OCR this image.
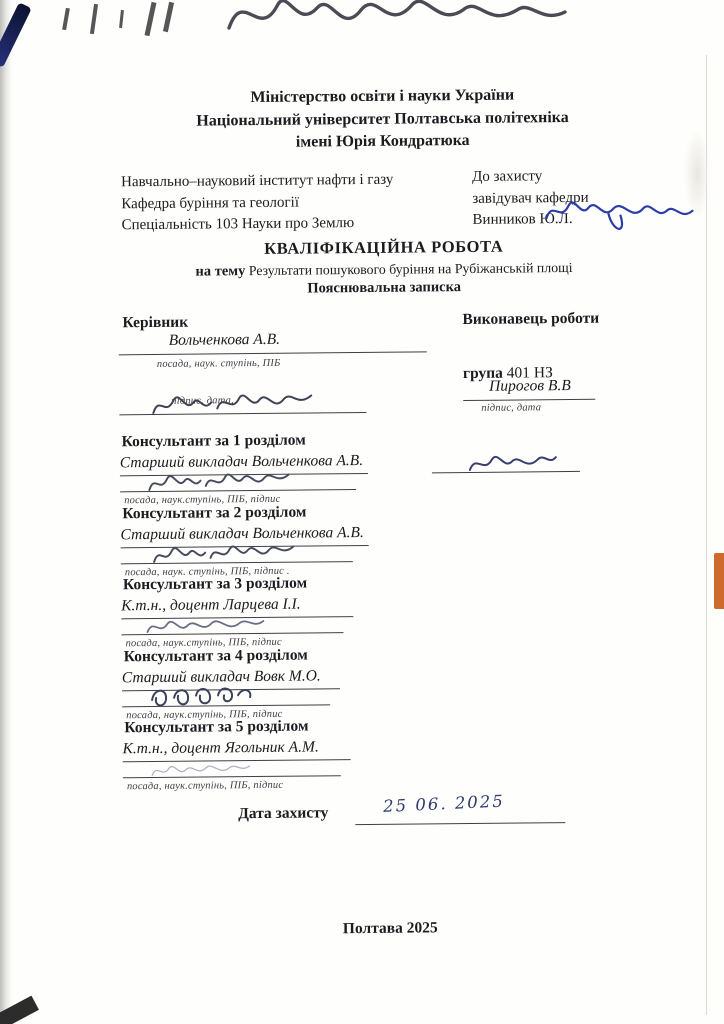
Міністерство освіти і науки України
Національний університет Полтавська політехніка
імені Юрія Кондратюка
Навчально–науковий інститут нафти і газу
Кафедра буріння та геології
Спеціальність 103 Науки про Землю
До захисту
завідувач кафедри
Винников Ю.Л.
КВАЛІФІКАЦІЙНА РОБОТА
на тему Результати пошукового буріння на Рубіжанській площі
Пояснювальна записка
Керівник	Виконавець роботи
Вольченкова А.В.
посада, наук. ступінь, ПІБ
підпис, дата,
Пирогов В.В
група 401 НЗ
підпис, дата
Консультант за 1 розділом
Старший викладач Вольченкова А.В.
посада, наук.ступінь, ПІБ, підпис
Консультант за 2 розділом
Старший викладач Вольченкова А.В.
посада, наук. ступінь, ПІБ, підпис .
Консультант за 3 розділом
К.т.н., доцент Ларцева І.І.
посада, наук.ступінь, ПІБ, підпис
Консультант за 4 розділом
Старший викладач Вовк М.О.
посада, наук.ступінь, ПІБ, підпис
Консультант за 5 розділом
К.т.н., доцент Ягольник А.М.
посада, наук.ступінь, ПІБ, підпис
Дата захисту	25 06. 2025
Полтава 2025
